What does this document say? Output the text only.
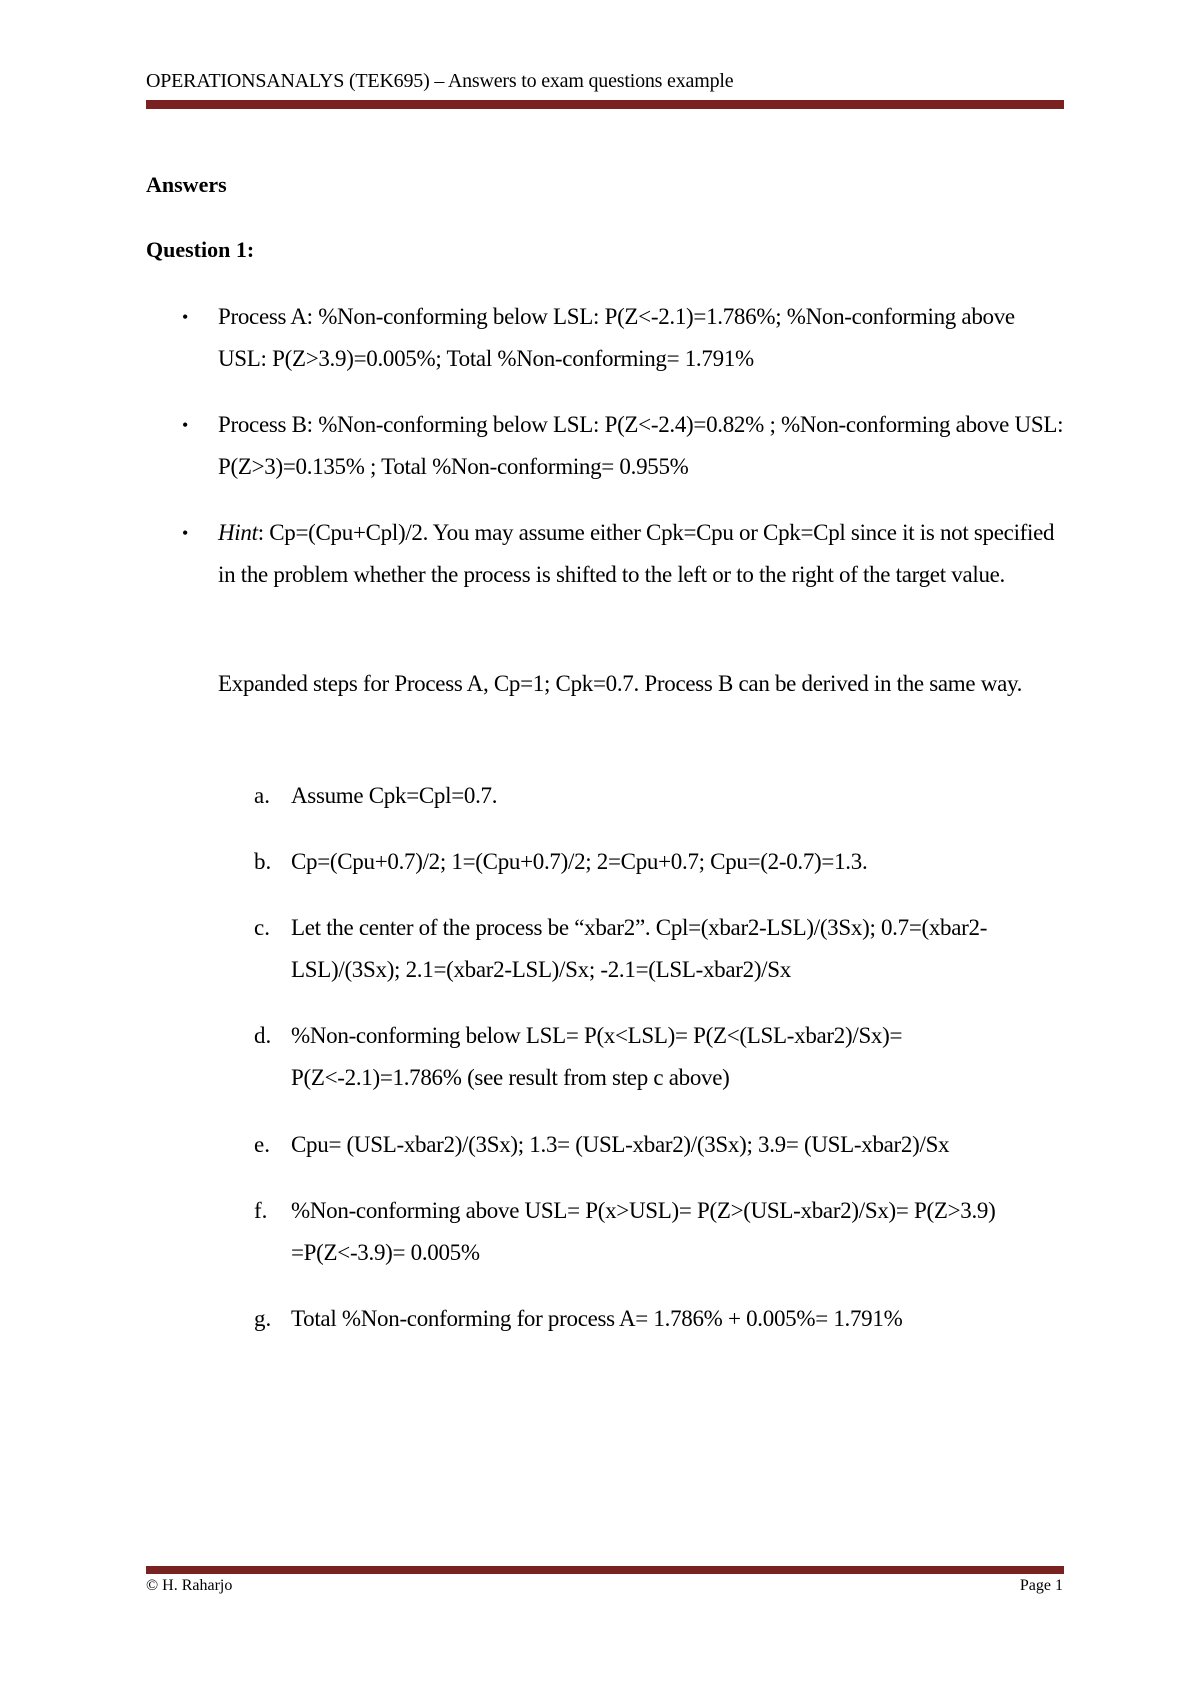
OPERATIONSANALYS (TEK695) – Answers to exam questions example
Answers
Question 1:
• Process A: %Non-conforming below LSL: P(Z<-2.1)=1.786%; %Non-conforming above USL: P(Z>3.9)=0.005%; Total %Non-conforming= 1.791%
• Process B: %Non-conforming below LSL: P(Z<-2.4)=0.82% ; %Non-conforming above USL: P(Z>3)=0.135% ; Total %Non-conforming= 0.955%
• Hint: Cp=(Cpu+Cpl)/2. You may assume either Cpk=Cpu or Cpk=Cpl since it is not specified in the problem whether the process is shifted to the left or to the right of the target value.
Expanded steps for Process A, Cp=1; Cpk=0.7. Process B can be derived in the same way.
a. Assume Cpk=Cpl=0.7.
b. Cp=(Cpu+0.7)/2; 1=(Cpu+0.7)/2; 2=Cpu+0.7; Cpu=(2-0.7)=1.3.
c. Let the center of the process be “xbar2”. Cpl=(xbar2-LSL)/(3Sx); 0.7=(xbar2-LSL)/(3Sx); 2.1=(xbar2-LSL)/Sx; -2.1=(LSL-xbar2)/Sx
d. %Non-conforming below LSL= P(x<LSL)= P(Z<(LSL-xbar2)/Sx)= P(Z<-2.1)=1.786% (see result from step c above)
e. Cpu= (USL-xbar2)/(3Sx); 1.3= (USL-xbar2)/(3Sx); 3.9= (USL-xbar2)/Sx
f. %Non-conforming above USL= P(x>USL)= P(Z>(USL-xbar2)/Sx)= P(Z>3.9) =P(Z<-3.9)= 0.005%
g. Total %Non-conforming for process A= 1.786% + 0.005%= 1.791%
© H. Raharjo	Page 1
